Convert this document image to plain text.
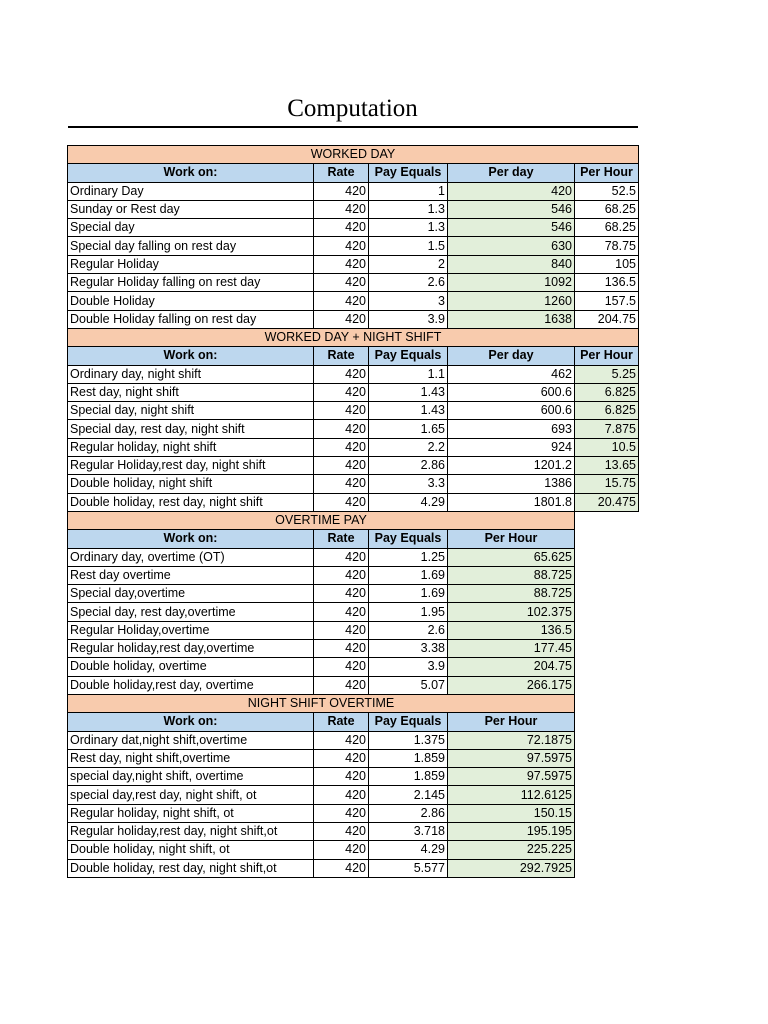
Computation
WORKED DAY				
Work on:	Rate	Pay Equals	Per day	Per Hour
Ordinary Day	420	1	420	52.5
Sunday or Rest day	420	1.3	546	68.25
Special day	420	1.3	546	68.25
Special day falling on rest day	420	1.5	630	78.75
Regular Holiday	420	2	840	105
Regular Holiday falling on rest day	420	2.6	1092	136.5
Double Holiday	420	3	1260	157.5
Double Holiday falling on rest day	420	3.9	1638	204.75
WORKED DAY + NIGHT SHIFT				
Work on:	Rate	Pay Equals	Per day	Per Hour
Ordinary day, night shift	420	1.1	462	5.25
Rest day, night shift	420	1.43	600.6	6.825
Special day, night shift	420	1.43	600.6	6.825
Special day, rest day, night shift	420	1.65	693	7.875
Regular holiday, night shift	420	2.2	924	10.5
Regular Holiday,rest day, night shift	420	2.86	1201.2	13.65
Double holiday, night shift	420	3.3	1386	15.75
Double holiday, rest day, night shift	420	4.29	1801.8	20.475
OVERTIME PAY				
Work on:	Rate	Pay Equals	Per Hour	
Ordinary day, overtime (OT)	420	1.25	65.625	
Rest day overtime	420	1.69	88.725	
Special day,overtime	420	1.69	88.725	
Special day, rest day,overtime	420	1.95	102.375	
Regular Holiday,overtime	420	2.6	136.5	
Regular holiday,rest day,overtime	420	3.38	177.45	
Double holiday, overtime	420	3.9	204.75	
Double holiday,rest day, overtime	420	5.07	266.175	
NIGHT SHIFT OVERTIME				
Work on:	Rate	Pay Equals	Per Hour	
Ordinary dat,night shift,overtime	420	1.375	72.1875	
Rest day, night shift,overtime	420	1.859	97.5975	
special day,night shift, overtime	420	1.859	97.5975	
special day,rest day, night shift, ot	420	2.145	112.6125	
Regular holiday, night shift, ot	420	2.86	150.15	
Regular holiday,rest day, night shift,ot	420	3.718	195.195	
Double holiday, night shift, ot	420	4.29	225.225	
Double holiday, rest day, night shift,ot	420	5.577	292.7925	
